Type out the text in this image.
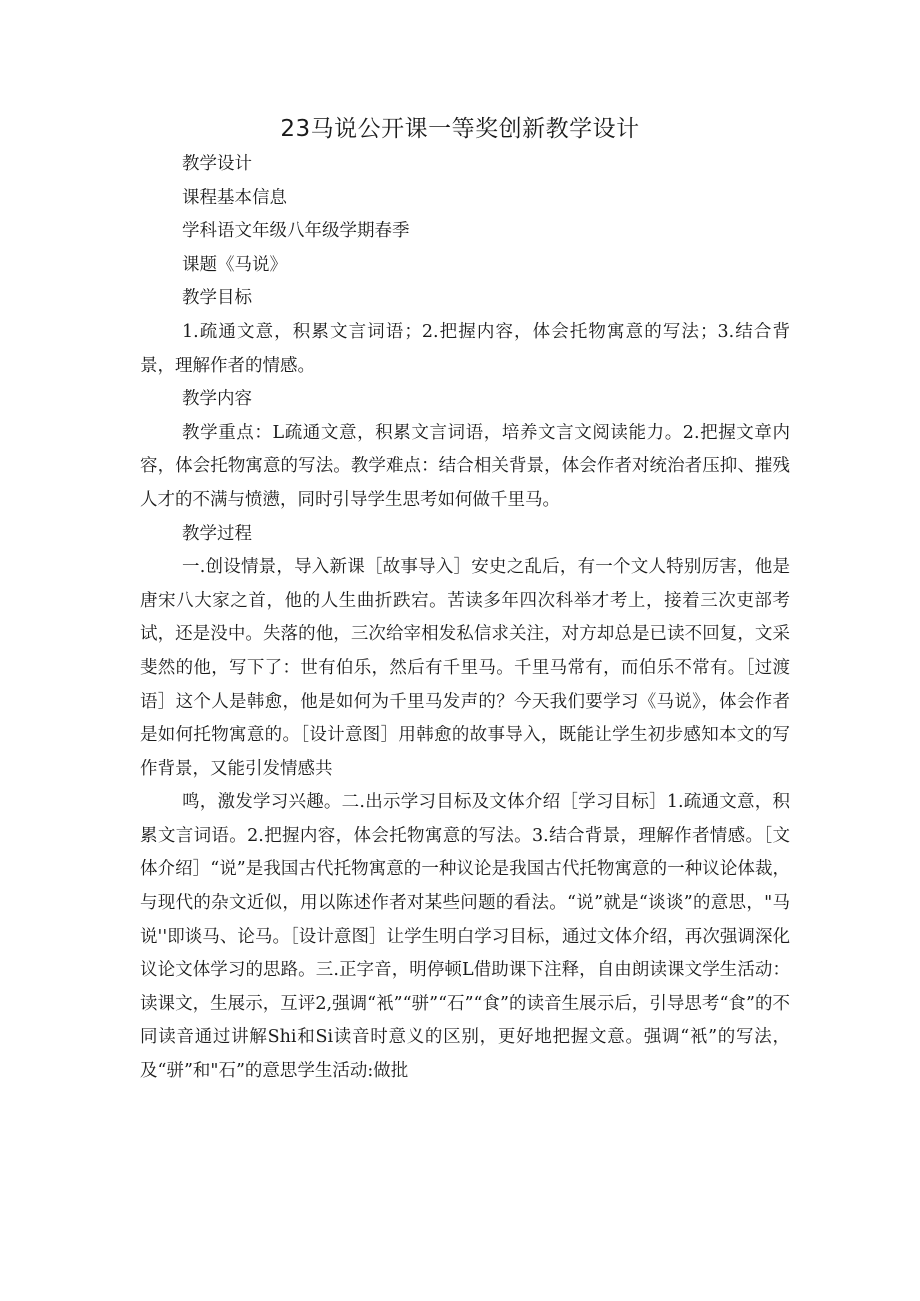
23马说公开课一等奖创新教学设计

教学设计

课程基本信息

学科语文年级八年级学期春季

课题《马说》

教学目标

1.疏通文意，积累文言词语；2.把握内容，体会托物寓意的写法；3.结合背景，理解作者的情感。

教学内容

教学重点：L疏通文意，积累文言词语，培养文言文阅读能力。2.把握文章内容，体会托物寓意的写法。教学难点：结合相关背景，体会作者对统治者压抑、摧残人才的不满与愤懑，同时引导学生思考如何做千里马。

教学过程

一.创设情景，导入新课［故事导入］安史之乱后，有一个文人特别厉害，他是唐宋八大家之首，他的人生曲折跌宕。苦读多年四次科举才考上，接着三次吏部考试，还是没中。失落的他，三次给宰相发私信求关注，对方却总是已读不回复，文采斐然的他，写下了：世有伯乐，然后有千里马。千里马常有，而伯乐不常有。［过渡语］这个人是韩愈，他是如何为千里马发声的？今天我们要学习《马说》，体会作者是如何托物寓意的。［设计意图］用韩愈的故事导入，既能让学生初步感知本文的写作背景，又能引发情感共

鸣，激发学习兴趣。二.出示学习目标及文体介绍［学习目标］1.疏通文意，积累文言词语。2.把握内容，体会托物寓意的写法。3.结合背景，理解作者情感。［文体介绍］“说”是我国古代托物寓意的一种议论是我国古代托物寓意的一种议论体裁，与现代的杂文近似，用以陈述作者对某些问题的看法。“说”就是“谈谈”的意思，"马说''即谈马、论马。［设计意图］让学生明白学习目标，通过文体介绍，再次强调深化议论文体学习的思路。三.正字音，明停顿L借助课下注释，自由朗读课文学生活动：读课文，生展示，互评2,强调“衹”“骈”“石”“食”的读音生展示后，引导思考“食”的不同读音通过讲解Shi和Si读音时意义的区别，更好地把握文意。强调“衹”的写法，及“骈”和"石”的意思学生活动:做批
